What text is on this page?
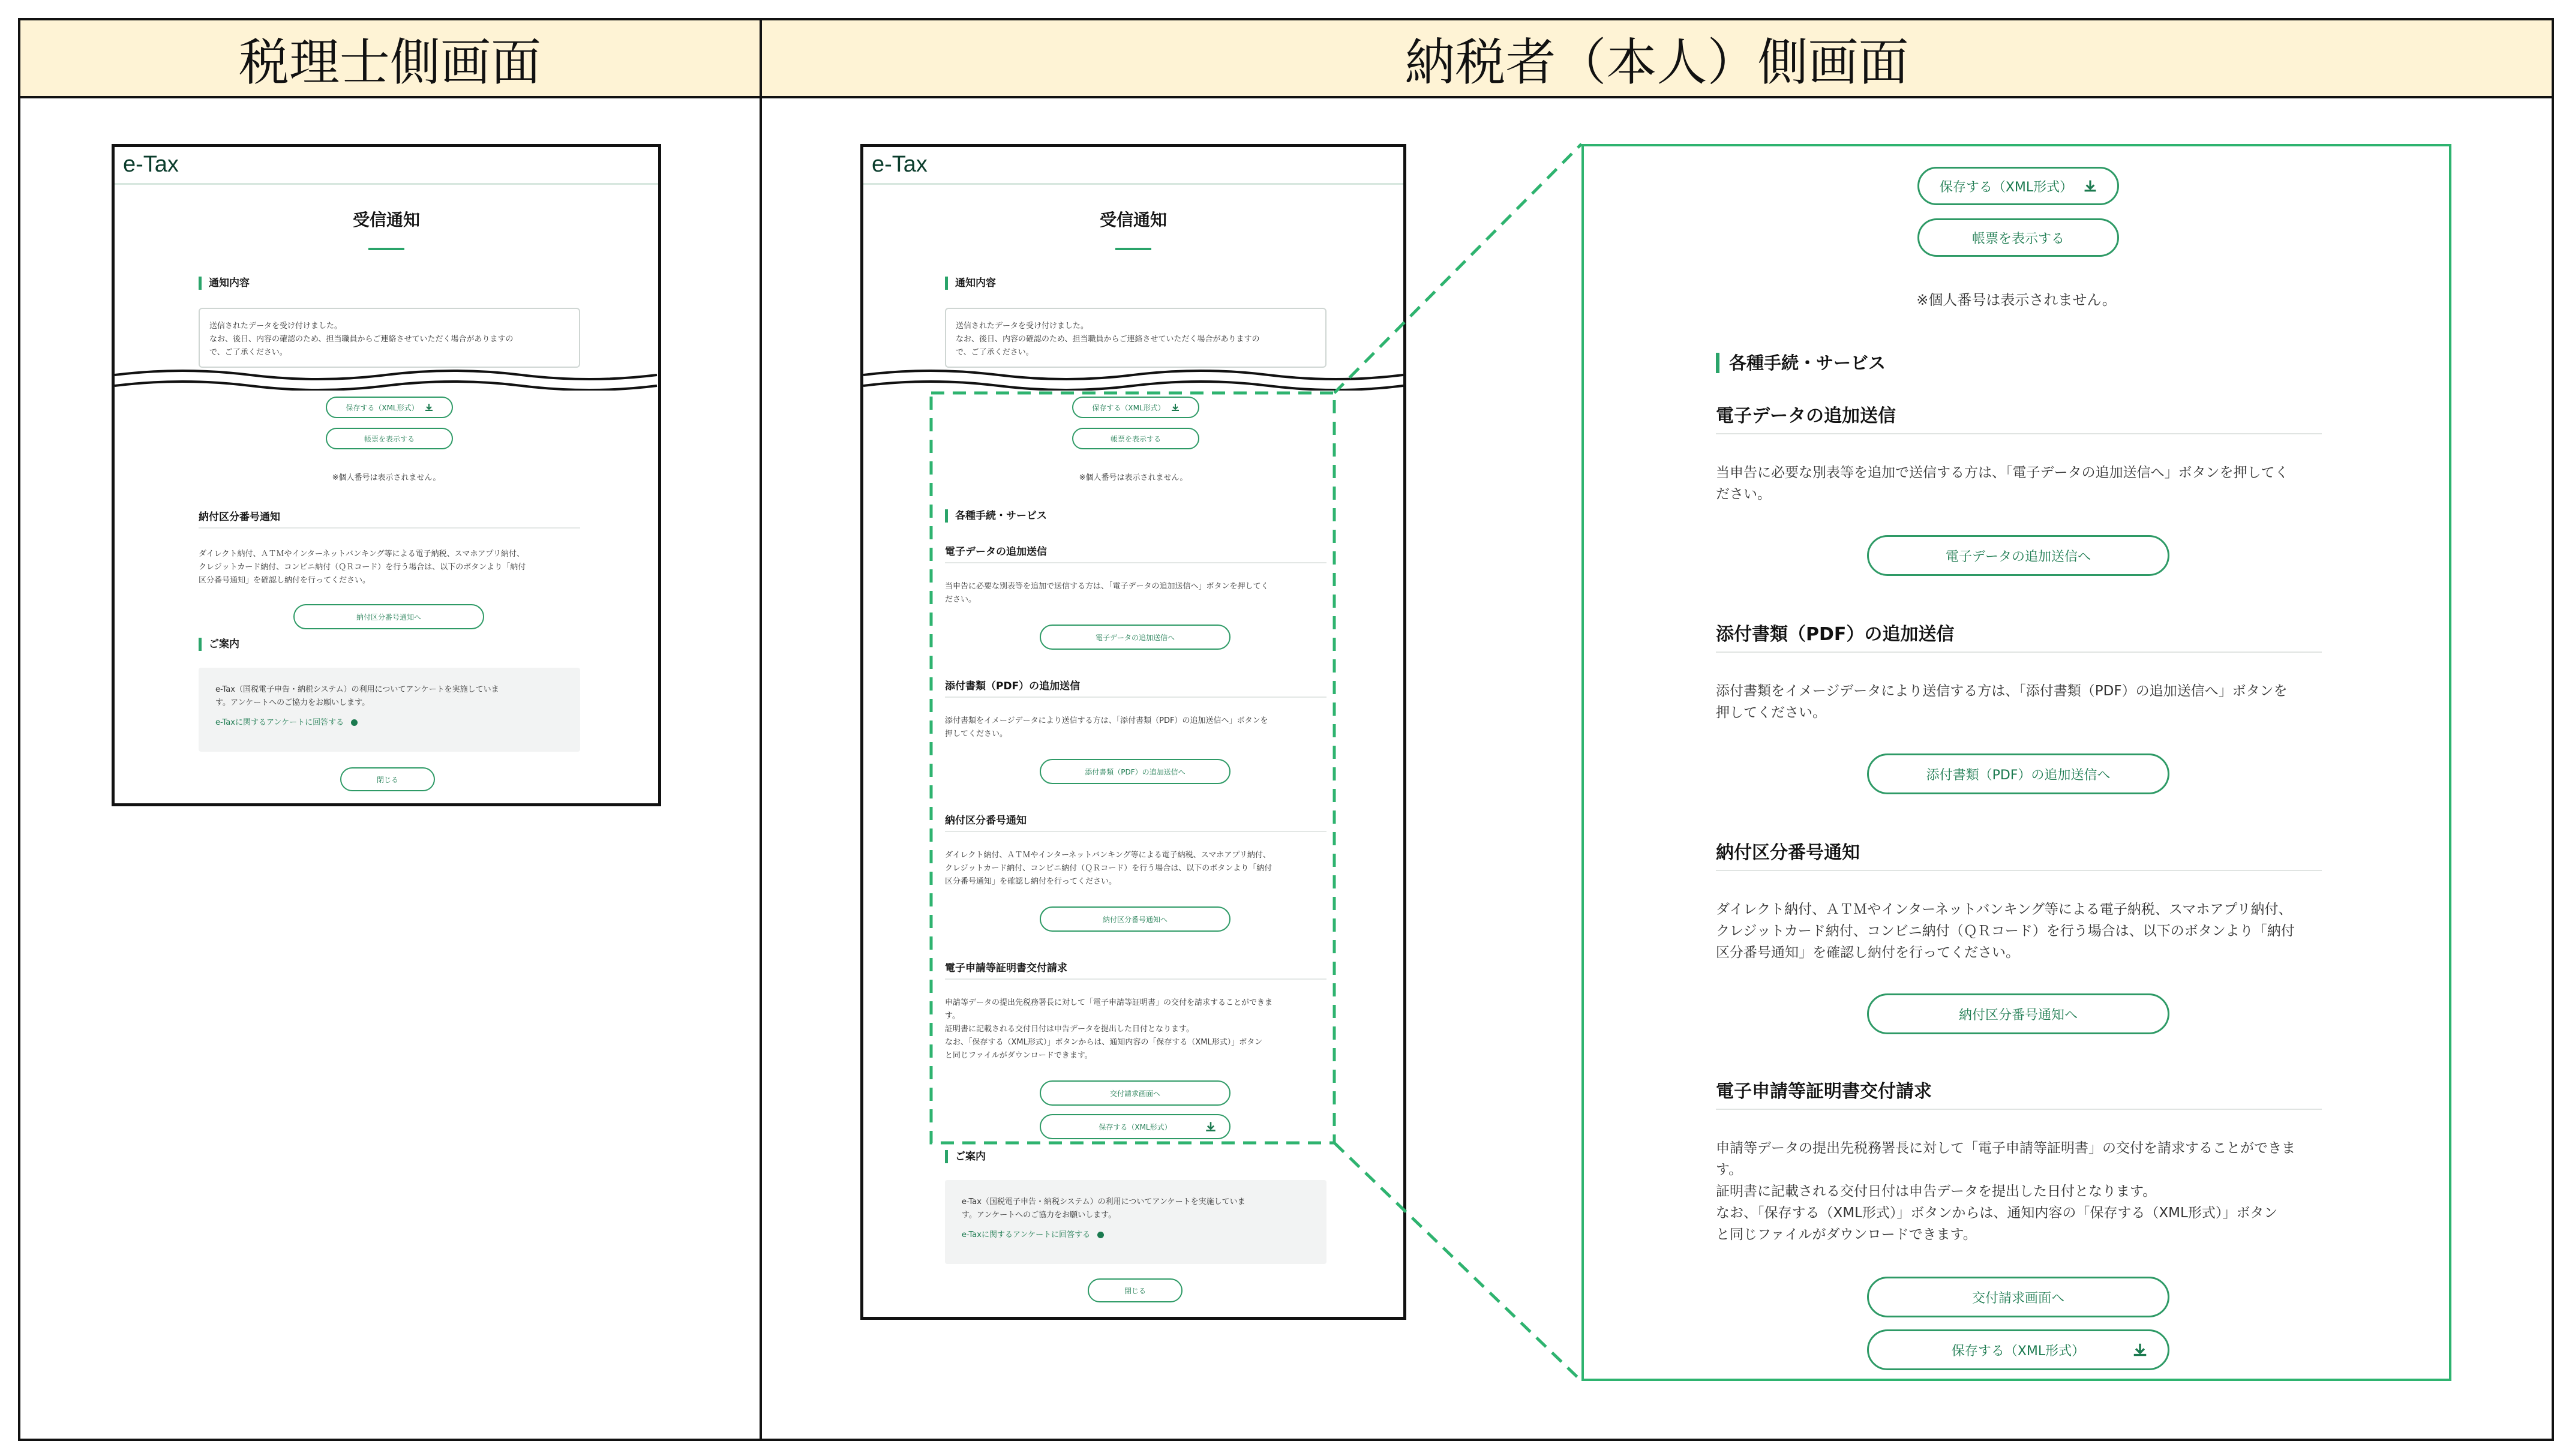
税理士側画面	納税者（本人）側画面
e-Tax
受信通知
通知内容
送信されたデータを受け付けました。
なお、後日、内容の確認のため、担当職員からご連絡させていただく場合がありますの
で、ご了承ください。
保存する（XML形式）
帳票を表示する
※個人番号は表示されません。
納付区分番号通知
ダイレクト納付、ＡＴＭやインターネットバンキング等による電子納税、スマホアプリ納付、
クレジットカード納付、コンビニ納付（ＱＲコード）を行う場合は、以下のボタンより「納付
区分番号通知」を確認し納付を行ってください。
納付区分番号通知へ
ご案内
e-Tax（国税電子申告・納税システム）の利用についてアンケートを実施していま
す。アンケートへのご協力をお願いします。
e-Taxに関するアンケートに回答する
閉じる
e-Tax
受信通知
通知内容
送信されたデータを受け付けました。
なお、後日、内容の確認のため、担当職員からご連絡させていただく場合がありますの
で、ご了承ください。
保存する（XML形式）
帳票を表示する
※個人番号は表示されません。
各種手続・サービス
電子データの追加送信
当申告に必要な別表等を追加で送信する方は、「電子データの追加送信へ」ボタンを押してく
ださい。
電子データの追加送信へ
添付書類（PDF）の追加送信
添付書類をイメージデータにより送信する方は、「添付書類（PDF）の追加送信へ」ボタンを
押してください。
添付書類（PDF）の追加送信へ
納付区分番号通知
ダイレクト納付、ＡＴＭやインターネットバンキング等による電子納税、スマホアプリ納付、
クレジットカード納付、コンビニ納付（ＱＲコード）を行う場合は、以下のボタンより「納付
区分番号通知」を確認し納付を行ってください。
納付区分番号通知へ
電子申請等証明書交付請求
申請等データの提出先税務署長に対して「電子申請等証明書」の交付を請求することができま
す。
証明書に記載される交付日付は申告データを提出した日付となります。
なお、「保存する（XML形式）」ボタンからは、通知内容の「保存する（XML形式）」ボタン
と同じファイルがダウンロードできます。
交付請求画面へ
保存する（XML形式）
ご案内
e-Tax（国税電子申告・納税システム）の利用についてアンケートを実施していま
す。アンケートへのご協力をお願いします。
e-Taxに関するアンケートに回答する
閉じる
保存する（XML形式）
帳票を表示する
※個人番号は表示されません。
各種手続・サービス
電子データの追加送信
当申告に必要な別表等を追加で送信する方は、「電子データの追加送信へ」ボタンを押してく
ださい。
電子データの追加送信へ
添付書類（PDF）の追加送信
添付書類をイメージデータにより送信する方は、「添付書類（PDF）の追加送信へ」ボタンを
押してください。
添付書類（PDF）の追加送信へ
納付区分番号通知
ダイレクト納付、ＡＴＭやインターネットバンキング等による電子納税、スマホアプリ納付、
クレジットカード納付、コンビニ納付（ＱＲコード）を行う場合は、以下のボタンより「納付
区分番号通知」を確認し納付を行ってください。
納付区分番号通知へ
電子申請等証明書交付請求
申請等データの提出先税務署長に対して「電子申請等証明書」の交付を請求することができま
す。
証明書に記載される交付日付は申告データを提出した日付となります。
なお、「保存する（XML形式）」ボタンからは、通知内容の「保存する（XML形式）」ボタン
と同じファイルがダウンロードできます。
交付請求画面へ
保存する（XML形式）
